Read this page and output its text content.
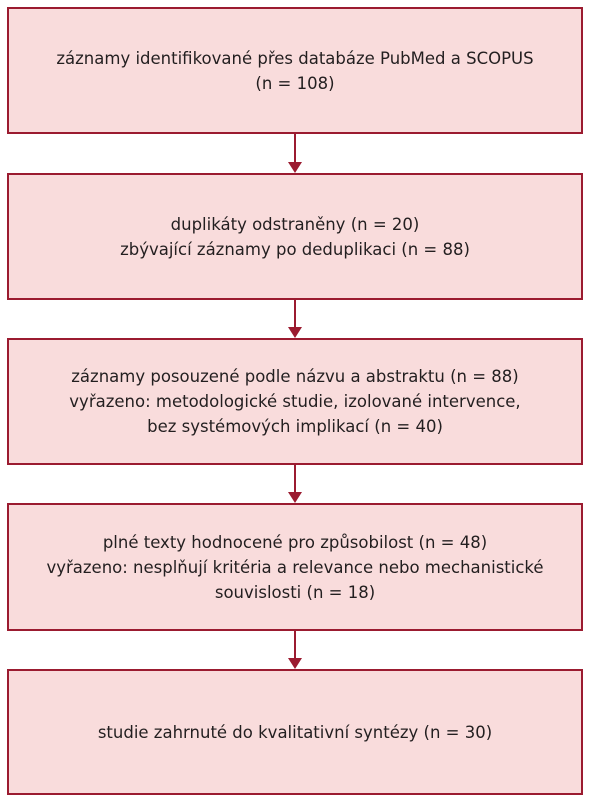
záznamy identifikované přes databáze PubMed a SCOPUS
(n = 108)
duplikáty odstraněny (n = 20)
zbývající záznamy po deduplikaci (n = 88)
záznamy posouzené podle názvu a abstraktu (n = 88)
vyřazeno: metodologické studie, izolované intervence,
bez systémových implikací (n = 40)
plné texty hodnocené pro způsobilost (n = 48)
vyřazeno: nesplňují kritéria a relevance nebo mechanistické
souvislosti (n = 18)
studie zahrnuté do kvalitativní syntézy (n = 30)
